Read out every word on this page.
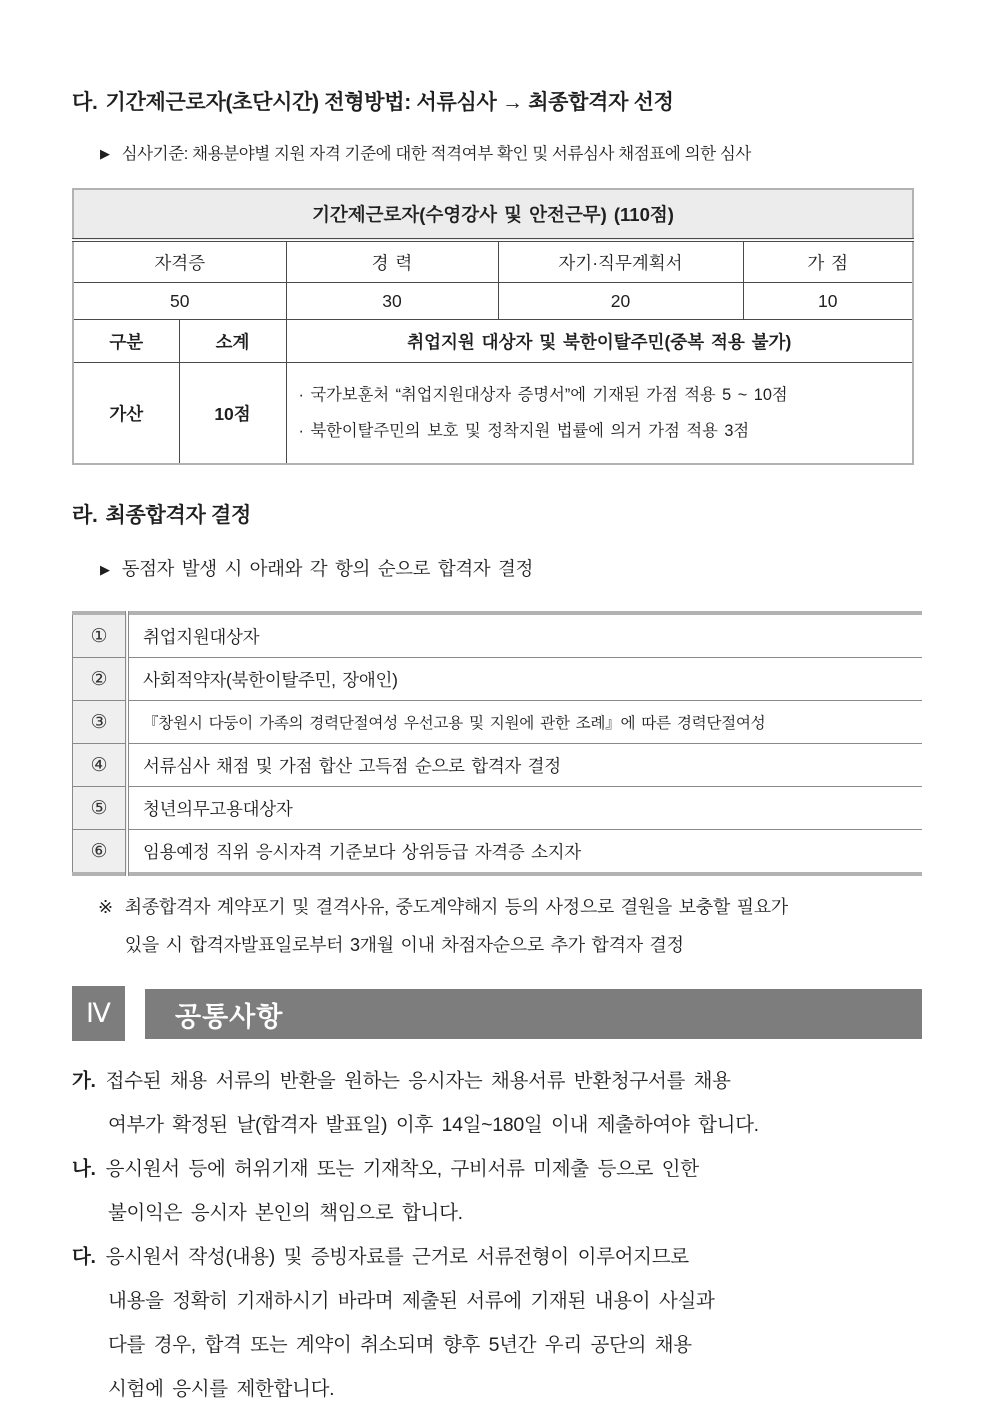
다. 기간제근로자(초단시간) 전형방법: 서류심사 → 최종합격자 선정
▶ 심사기준: 채용분야별 지원 자격 기준에 대한 적격여부 확인 및 서류심사 채점표에 의한 심사
기간제근로자(수영강사 및 안전근무) (110점)				
자격증		경 력	자기·직무계획서	가 점
50		30	20	10
구분	소계	취업지원 대상자 및 북한이탈주민(중복 적용 불가)		
가산	10점	· 국가보훈처 “취업지원대상자 증명서”에 기재된 가점 적용 5 ~ 10점
· 북한이탈주민의 보호 및 정착지원 법률에 의거 가점 적용 3점		
라. 최종합격자 결정
▶ 동점자 발생 시 아래와 각 항의 순으로 합격자 결정
①	취업지원대상자
②	사회적약자(북한이탈주민, 장애인)
③	『창원시 다둥이 가족의 경력단절여성 우선고용 및 지원에 관한 조례』에 따른 경력단절여성
④	서류심사 채점 및 가점 합산 고득점 순으로 합격자 결정
⑤	청년의무고용대상자
⑥	임용예정 직위 응시자격 기준보다 상위등급 자격증 소지자
※ 최종합격자 계약포기 및 결격사유, 중도계약해지 등의 사정으로 결원을 보충할 필요가
있을 시 합격자발표일로부터 3개월 이내 차점자순으로 추가 합격자 결정
Ⅳ	공통사항
가. 접수된 채용 서류의 반환을 원하는 응시자는 채용서류 반환청구서를 채용
여부가 확정된 날(합격자 발표일) 이후 14일~180일 이내 제출하여야 합니다.
나. 응시원서 등에 허위기재 또는 기재착오, 구비서류 미제출 등으로 인한
불이익은 응시자 본인의 책임으로 합니다.
다. 응시원서 작성(내용) 및 증빙자료를 근거로 서류전형이 이루어지므로
내용을 정확히 기재하시기 바라며 제출된 서류에 기재된 내용이 사실과
다를 경우, 합격 또는 계약이 취소되며 향후 5년간 우리 공단의 채용
시험에 응시를 제한합니다.
